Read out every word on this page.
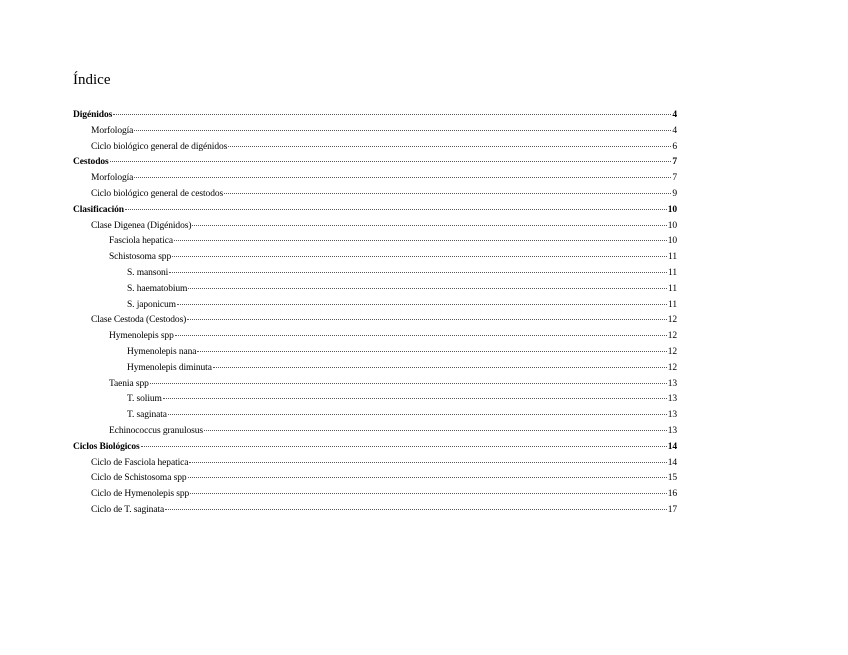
Índice
Digénidos	4
Morfología	4
Ciclo biológico general de digénidos	6
Cestodos	7
Morfología	7
Ciclo biológico general de cestodos	9
Clasificación	10
Clase Digenea (Digénidos)	10
Fasciola hepatica	10
Schistosoma spp	11
S. mansoni	11
S. haematobium	11
S. japonicum	11
Clase Cestoda (Cestodos)	12
Hymenolepis spp	12
Hymenolepis nana	12
Hymenolepis diminuta	12
Taenia spp	13
T. solium	13
T. saginata	13
Echinococcus granulosus	13
Ciclos Biológicos	14
Ciclo de Fasciola hepatica	14
Ciclo de Schistosoma spp	15
Ciclo de Hymenolepis spp	16
Ciclo de T. saginata	17
